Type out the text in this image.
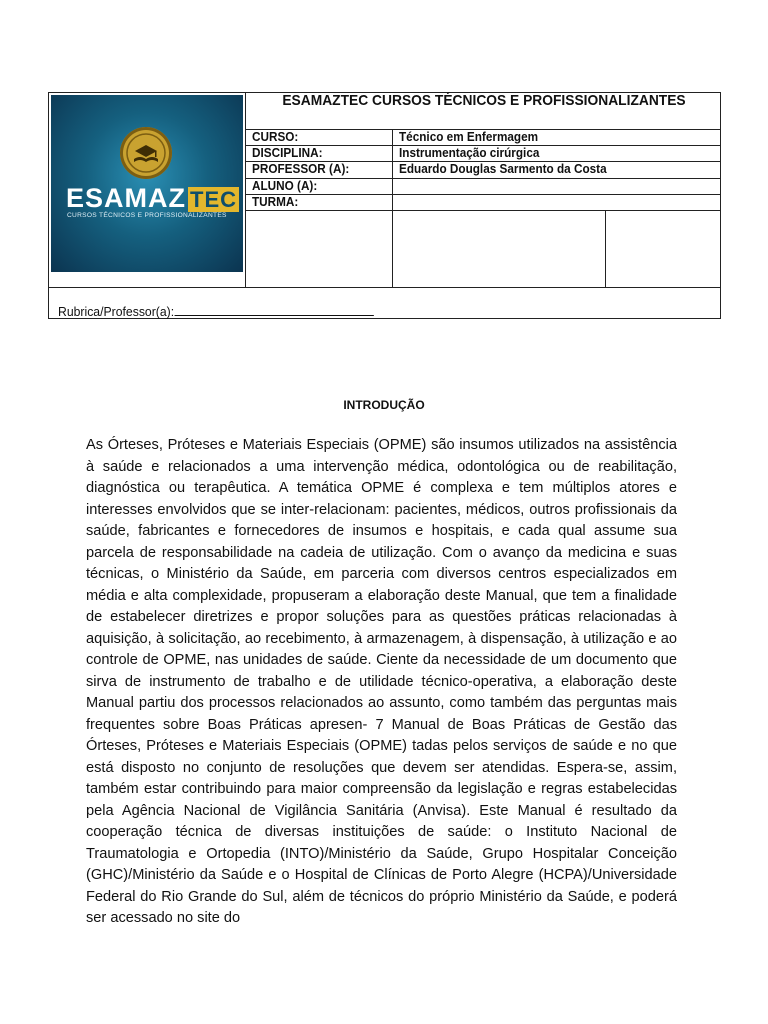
ESAMAZ TEC
CURSOS TÉCNICOS E PROFISSIONALIZANTES
ESAMAZTEC CURSOS TÉCNICOS E PROFISSIONALIZANTES
CURSO:	Técnico em Enfermagem
DISCIPLINA:	Instrumentação cirúrgica
PROFESSOR (A):	Eduardo Douglas Sarmento da Costa
ALUNO (A):
TURMA:
Rubrica/Professor(a):
INTRODUÇÃO

As Órteses, Próteses e Materiais Especiais (OPME) são insumos utilizados na assistência à saúde e relacionados a uma intervenção médica, odontológica ou de reabilitação, diagnóstica ou terapêutica. A temática OPME é complexa e tem múltiplos atores e interesses envolvidos que se inter-relacionam: pacientes, médicos, outros profissionais da saúde, fabricantes e fornecedores de insumos e hospitais, e cada qual assume sua parcela de responsabilidade na cadeia de utilização. Com o avanço da medicina e suas técnicas, o Ministério da Saúde, em parceria com diversos centros especializados em média e alta complexidade, propuseram a elaboração deste Manual, que tem a finalidade de estabelecer diretrizes e propor soluções para as questões práticas relacionadas à aquisição, à solicitação, ao recebimento, à armazenagem, à dispensação, à utilização e ao controle de OPME, nas unidades de saúde. Ciente da necessidade de um documento que sirva de instrumento de trabalho e de utilidade técnico-operativa, a elaboração deste Manual partiu dos processos relacionados ao assunto, como também das perguntas mais frequentes sobre Boas Práticas apresen- 7 Manual de Boas Práticas de Gestão das Órteses, Próteses e Materiais Especiais (OPME) tadas pelos serviços de saúde e no que está disposto no conjunto de resoluções que devem ser atendidas. Espera-se, assim, também estar contribuindo para maior compreensão da legislação e regras estabelecidas pela Agência Nacional de Vigilância Sanitária (Anvisa). Este Manual é resultado da cooperação técnica de diversas instituições de saúde: o Instituto Nacional de Traumatologia e Ortopedia (INTO)/Ministério da Saúde, Grupo Hospitalar Conceição (GHC)/Ministério da Saúde e o Hospital de Clínicas de Porto Alegre (HCPA)/Universidade Federal do Rio Grande do Sul, além de técnicos do próprio Ministério da Saúde, e poderá ser acessado no site do
